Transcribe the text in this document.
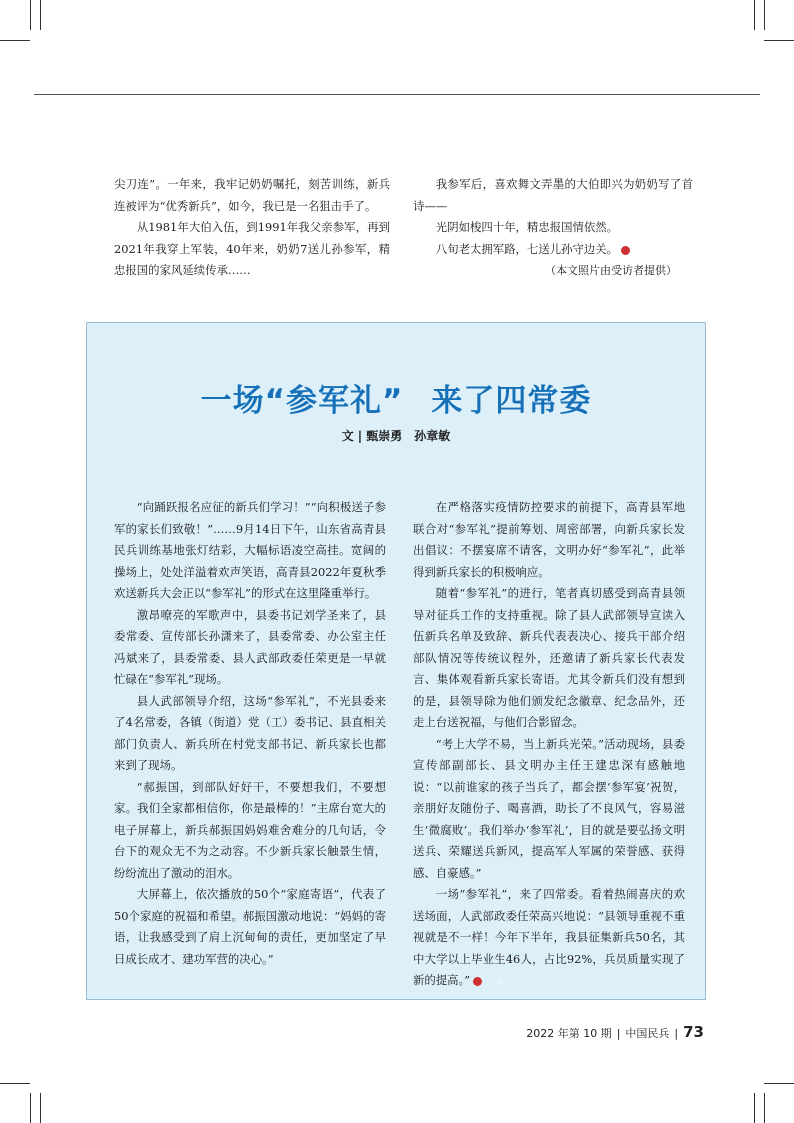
尖刀连”。一年来，我牢记奶奶嘱托，刻苦训练，新兵连被评为“优秀新兵”，如今，我已是一名狙击手了。

从1981年大伯入伍，到1991年我父亲参军，再到2021年我穿上军装，40年来，奶奶7送儿孙参军，精忠报国的家风延续传承……

我参军后，喜欢舞文弄墨的大伯即兴为奶奶写了首诗——

光阴如梭四十年，精忠报国情依然。
八旬老太拥军路，七送儿孙守边关。	兵
（本文照片由受访者提供）
一场“参军礼” 来了四常委
文 | 甄崇勇 孙章敏

“向踊跃报名应征的新兵们学习！”“向积极送子参军的家长们致敬！”……9月14日下午，山东省高青县民兵训练基地张灯结彩，大幅标语凌空高挂。宽阔的操场上，处处洋溢着欢声笑语，高青县2022年夏秋季欢送新兵大会正以“参军礼”的形式在这里隆重举行。

激昂嘹亮的军歌声中，县委书记刘学圣来了，县委常委、宣传部长孙潇来了，县委常委、办公室主任冯斌来了，县委常委、县人武部政委任荣更是一早就忙碌在“参军礼”现场。

县人武部领导介绍，这场“参军礼”，不光县委来了4名常委，各镇（街道）党（工）委书记、县直相关部门负责人、新兵所在村党支部书记、新兵家长也都来到了现场。

“郝振国，到部队好好干，不要想我们，不要想家。我们全家都相信你，你是最棒的！”主席台宽大的电子屏幕上，新兵郝振国妈妈难舍难分的几句话，令台下的观众无不为之动容。不少新兵家长触景生情，纷纷流出了激动的泪水。

大屏幕上，依次播放的50个“家庭寄语”，代表了50个家庭的祝福和希望。郝振国激动地说：“妈妈的寄语，让我感受到了肩上沉甸甸的责任，更加坚定了早日成长成才、建功军营的决心。”

在严格落实疫情防控要求的前提下，高青县军地联合对“参军礼”提前筹划、周密部署，向新兵家长发出倡议：不摆宴席不请客，文明办好“参军礼”，此举得到新兵家长的积极响应。

随着“参军礼”的进行，笔者真切感受到高青县领导对征兵工作的支持重视。除了县人武部领导宣读入伍新兵名单及致辞、新兵代表表决心、接兵干部介绍部队情况等传统议程外，还邀请了新兵家长代表发言、集体观看新兵家长寄语。尤其令新兵们没有想到的是，县领导除为他们颁发纪念徽章、纪念品外，还走上台送祝福，与他们合影留念。

“考上大学不易，当上新兵光荣。”活动现场，县委宣传部副部长、县文明办主任王建忠深有感触地说：“以前谁家的孩子当兵了，都会摆‘参军宴’祝贺，亲朋好友随份子、喝喜酒，助长了不良风气，容易滋生‘微腐败’。我们举办‘参军礼’，目的就是要弘扬文明送兵、荣耀送兵新风，提高军人军属的荣誉感、获得感、自豪感。”

一场“参军礼”，来了四常委。看着热闹喜庆的欢送场面，人武部政委任荣高兴地说：“县领导重视不重视就是不一样！今年下半年，我县征集新兵50名，其中大学以上毕业生46人，占比92%，兵员质量实现了新的提高。”	兵

2022 年第 10 期 | 中国民兵 | 73
